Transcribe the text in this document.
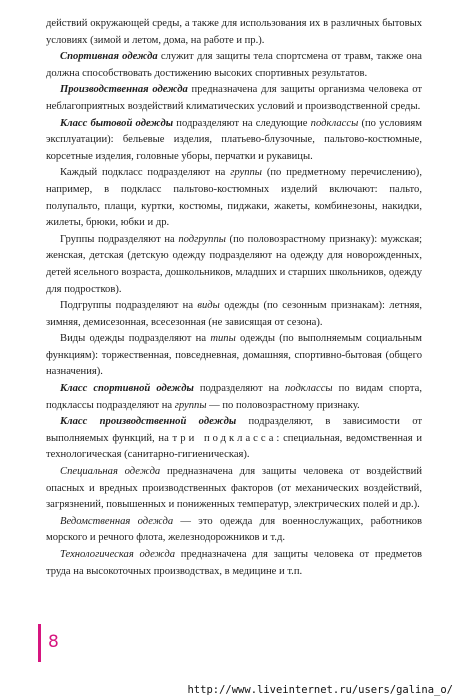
действий окружающей среды, а также для использования их в различных бытовых условиях (зимой и летом, дома, на работе и пр.).

Спортивная одежда служит для защиты тела спортсмена от травм, также она должна способствовать достижению высоких спортивных результатов.

Производственная одежда предназначена для защиты организма человека от неблагоприятных воздействий климатических условий и производственной среды.

Класс бытовой одежды подразделяют на следующие подклассы (по условиям эксплуатации): бельевые изделия, платьево-блузочные, пальтово-костюмные, корсетные изделия, головные уборы, перчатки и рукавицы.

Каждый подкласс подразделяют на группы (по предметному перечислению), например, в подкласс пальтово-костюмных изделий включают: пальто, полупальто, плащи, куртки, костюмы, пиджаки, жакеты, комбинезоны, накидки, жилеты, брюки, юбки и др.

Группы подразделяют на подгруппы (по половозрастному признаку): мужская; женская, детская (детскую одежду подразделяют на одежду для новорожденных, детей ясельного возраста, дошкольников, младших и старших школьников, одежду для подростков).

Подгруппы подразделяют на виды одежды (по сезонным признакам): летняя, зимняя, демисезонная, всесезонная (не зависящая от сезона).

Виды одежды подразделяют на типы одежды (по выполняемым социальным функциям): торжественная, повседневная, домашняя, спортивно-бытовая (общего назначения).

Класс спортивной одежды подразделяют на подклассы по видам спорта, подклассы подразделяют на группы — по половозрастному признаку.

Класс производственной одежды подразделяют, в зависимости от выполняемых функций, на три подкласса: специальная, ведомственная и технологическая (санитарно-гигиеническая).

Специальная одежда предназначена для защиты человека от воздействий опасных и вредных производственных факторов (от механических воздействий, загрязнений, повышенных и пониженных температур, электрических полей и др.).

Ведомственная одежда — это одежда для военнослужащих, работников морского и речного флота, железнодорожников и т.д.

Технологическая одежда предназначена для защиты человека от предметов труда на высокоточных производствах, в медицине и т.п.

8
http://www.liveinternet.ru/users/galina_o/
